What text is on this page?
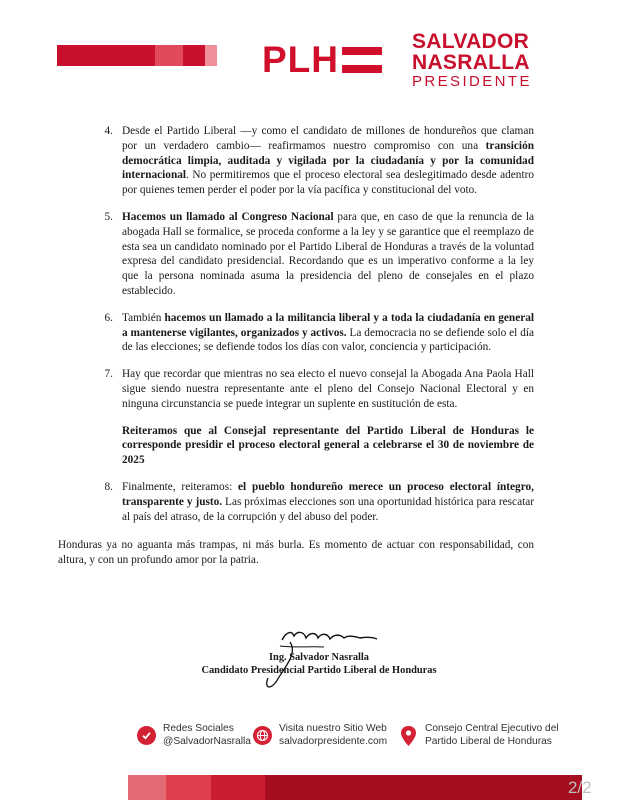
PLH	SALVADOR
NASRALLA
PRESIDENTE
4. Desde el Partido Liberal —y como el candidato de millones de hondureños que claman por un verdadero cambio— reafirmamos nuestro compromiso con una transición democrática limpia, auditada y vigilada por la ciudadanía y por la comunidad internacional. No permitiremos que el proceso electoral sea deslegitimado desde adentro por quienes temen perder el poder por la vía pacífica y constitucional del voto.
5. Hacemos un llamado al Congreso Nacional para que, en caso de que la renuncia de la abogada Hall se formalice, se proceda conforme a la ley y se garantice que el reemplazo de esta sea un candidato nominado por el Partido Liberal de Honduras a través de la voluntad expresa del candidato presidencial. Recordando que es un imperativo conforme a la ley que la persona nominada asuma la presidencia del pleno de consejales en el plazo establecido.
6. También hacemos un llamado a la militancia liberal y a toda la ciudadanía en general a mantenerse vigilantes, organizados y activos. La democracia no se defiende solo el día de las elecciones; se defiende todos los días con valor, conciencia y participación.
7. Hay que recordar que mientras no sea electo el nuevo consejal la Abogada Ana Paola Hall sigue siendo nuestra representante ante el pleno del Consejo Nacional Electoral y en ninguna circunstancia se puede integrar un suplente en sustitución de esta.
Reiteramos que al Consejal representante del Partido Liberal de Honduras le corresponde presidir el proceso electoral general a celebrarse el 30 de noviembre de 2025
8. Finalmente, reiteramos: el pueblo hondureño merece un proceso electoral íntegro, transparente y justo. Las próximas elecciones son una oportunidad histórica para rescatar al país del atraso, de la corrupción y del abuso del poder.
Honduras ya no aguanta más trampas, ni más burla. Es momento de actuar con responsabilidad, con altura, y con un profundo amor por la patria.
Ing. Salvador Nasralla
Candidato Presidencial Partido Liberal de Honduras
Redes Sociales
@SalvadorNasralla
Visita nuestro Sitio Web
salvadorpresidente.com
Consejo Central Ejecutivo del
Partido Liberal de Honduras
2/2
